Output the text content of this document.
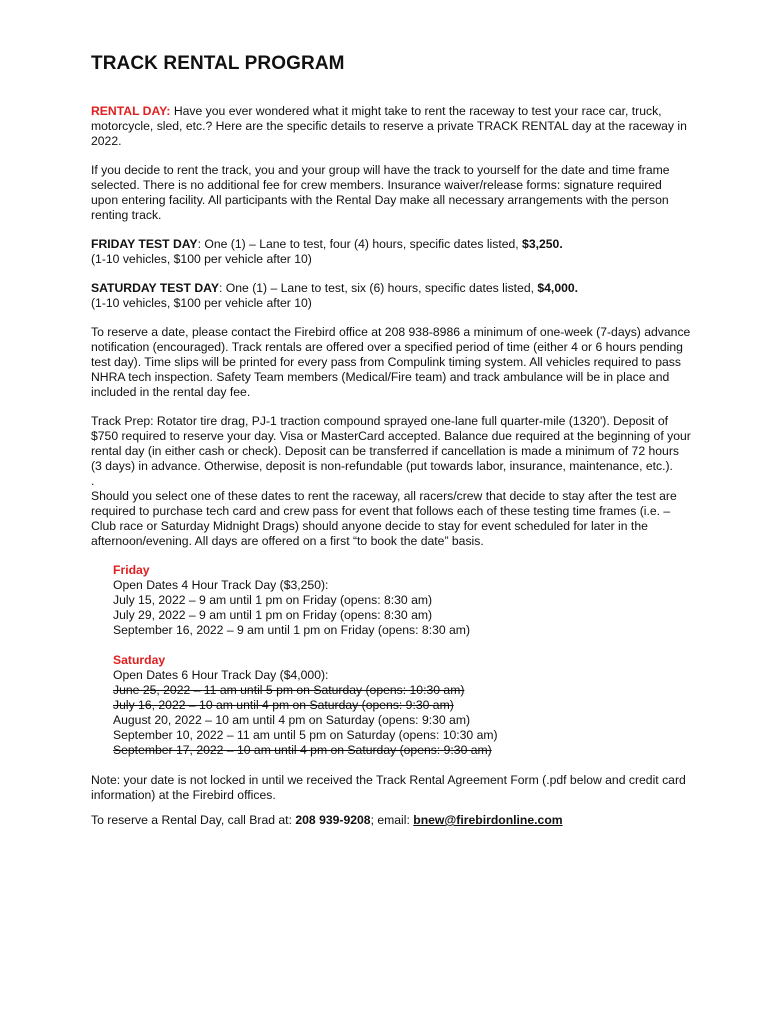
TRACK RENTAL PROGRAM

RENTAL DAY: Have you ever wondered what it might take to rent the raceway to test your race car, truck, motorcycle, sled, etc.? Here are the specific details to reserve a private TRACK RENTAL day at the raceway in 2022.

If you decide to rent the track, you and your group will have the track to yourself for the date and time frame selected. There is no additional fee for crew members. Insurance waiver/release forms: signature required upon entering facility. All participants with the Rental Day make all necessary arrangements with the person renting track.

FRIDAY TEST DAY: One (1) – Lane to test, four (4) hours, specific dates listed, $3,250.
(1-10 vehicles, $100 per vehicle after 10)

SATURDAY TEST DAY: One (1) – Lane to test, six (6) hours, specific dates listed, $4,000.
(1-10 vehicles, $100 per vehicle after 10)

To reserve a date, please contact the Firebird office at 208 938-8986 a minimum of one-week (7-days) advance notification (encouraged). Track rentals are offered over a specified period of time (either 4 or 6 hours pending test day). Time slips will be printed for every pass from Compulink timing system. All vehicles required to pass NHRA tech inspection. Safety Team members (Medical/Fire team) and track ambulance will be in place and included in the rental day fee.

Track Prep: Rotator tire drag, PJ-1 traction compound sprayed one-lane full quarter-mile (1320'). Deposit of $750 required to reserve your day. Visa or MasterCard accepted. Balance due required at the beginning of your rental day (in either cash or check). Deposit can be transferred if cancellation is made a minimum of 72 hours (3 days) in advance. Otherwise, deposit is non-refundable (put towards labor, insurance, maintenance, etc.).

.

Should you select one of these dates to rent the raceway, all racers/crew that decide to stay after the test are required to purchase tech card and crew pass for event that follows each of these testing time frames (i.e. – Club race or Saturday Midnight Drags) should anyone decide to stay for event scheduled for later in the afternoon/evening. All days are offered on a first “to book the date” basis.

Friday
Open Dates 4 Hour Track Day ($3,250):
July 15, 2022 – 9 am until 1 pm on Friday (opens: 8:30 am)
July 29, 2022 – 9 am until 1 pm on Friday (opens: 8:30 am)
September 16, 2022 – 9 am until 1 pm on Friday (opens: 8:30 am)
Saturday
Open Dates 6 Hour Track Day ($4,000):
June 25, 2022 – 11 am until 5 pm on Saturday (opens: 10:30 am)
July 16, 2022 – 10 am until 4 pm on Saturday (opens: 9:30 am)
August 20, 2022 – 10 am until 4 pm on Saturday (opens: 9:30 am)
September 10, 2022 – 11 am until 5 pm on Saturday (opens: 10:30 am)
September 17, 2022 – 10 am until 4 pm on Saturday (opens: 9:30 am)

Note: your date is not locked in until we received the Track Rental Agreement Form (.pdf below and credit card information) at the Firebird offices.

To reserve a Rental Day, call Brad at: 208 939-9208; email: bnew@firebirdonline.com
